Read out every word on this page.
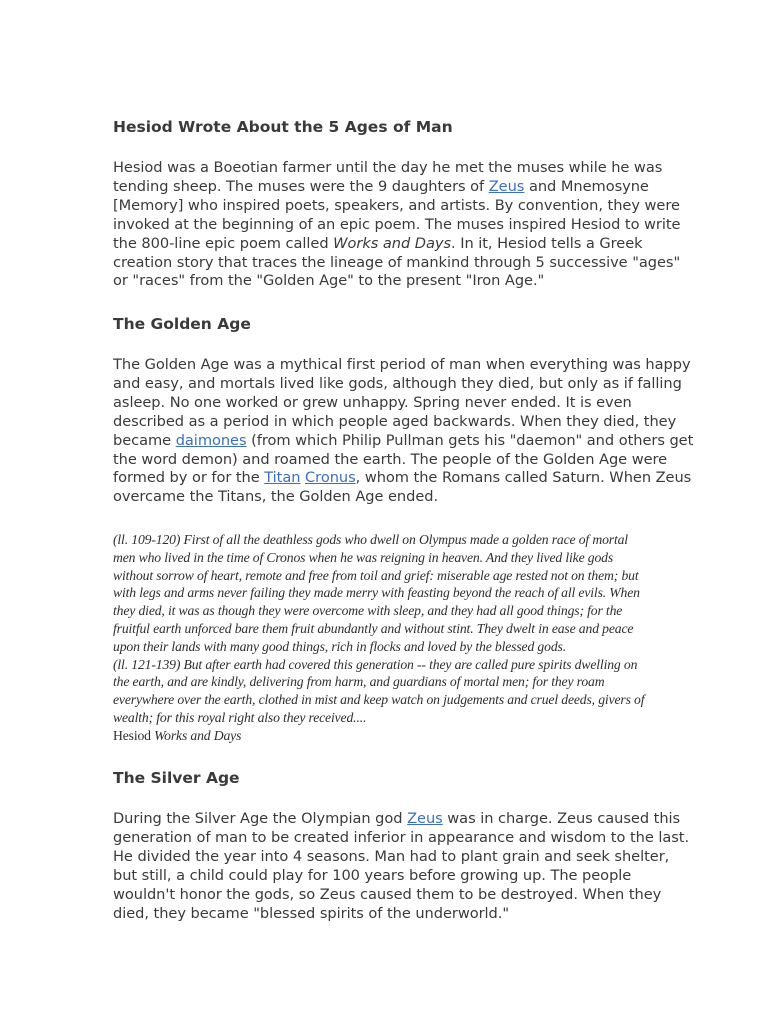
Hesiod Wrote About the 5 Ages of Man

Hesiod was a Boeotian farmer until the day he met the muses while he was
tending sheep. The muses were the 9 daughters of Zeus and Mnemosyne
[Memory] who inspired poets, speakers, and artists. By convention, they were
invoked at the beginning of an epic poem. The muses inspired Hesiod to write
the 800-line epic poem called Works and Days. In it, Hesiod tells a Greek
creation story that traces the lineage of mankind through 5 successive "ages"
or "races" from the "Golden Age" to the present "Iron Age."

The Golden Age

The Golden Age was a mythical first period of man when everything was happy
and easy, and mortals lived like gods, although they died, but only as if falling
asleep. No one worked or grew unhappy. Spring never ended. It is even
described as a period in which people aged backwards. When they died, they
became daimones (from which Philip Pullman gets his "daemon" and others get
the word demon) and roamed the earth. The people of the Golden Age were
formed by or for the Titan Cronus, whom the Romans called Saturn. When Zeus
overcame the Titans, the Golden Age ended.

(ll. 109-120) First of all the deathless gods who dwell on Olympus made a golden race of mortal
men who lived in the time of Cronos when he was reigning in heaven. And they lived like gods
without sorrow of heart, remote and free from toil and grief: miserable age rested not on them; but
with legs and arms never failing they made merry with feasting beyond the reach of all evils. When
they died, it was as though they were overcome with sleep, and they had all good things; for the
fruitful earth unforced bare them fruit abundantly and without stint. They dwelt in ease and peace
upon their lands with many good things, rich in flocks and loved by the blessed gods.
(ll. 121-139) But after earth had covered this generation -- they are called pure spirits dwelling on
the earth, and are kindly, delivering from harm, and guardians of mortal men; for they roam
everywhere over the earth, clothed in mist and keep watch on judgements and cruel deeds, givers of
wealth; for this royal right also they received....
Hesiod Works and Days
The Silver Age

During the Silver Age the Olympian god Zeus was in charge. Zeus caused this
generation of man to be created inferior in appearance and wisdom to the last.
He divided the year into 4 seasons. Man had to plant grain and seek shelter,
but still, a child could play for 100 years before growing up. The people
wouldn't honor the gods, so Zeus caused them to be destroyed. When they
died, they became "blessed spirits of the underworld."
